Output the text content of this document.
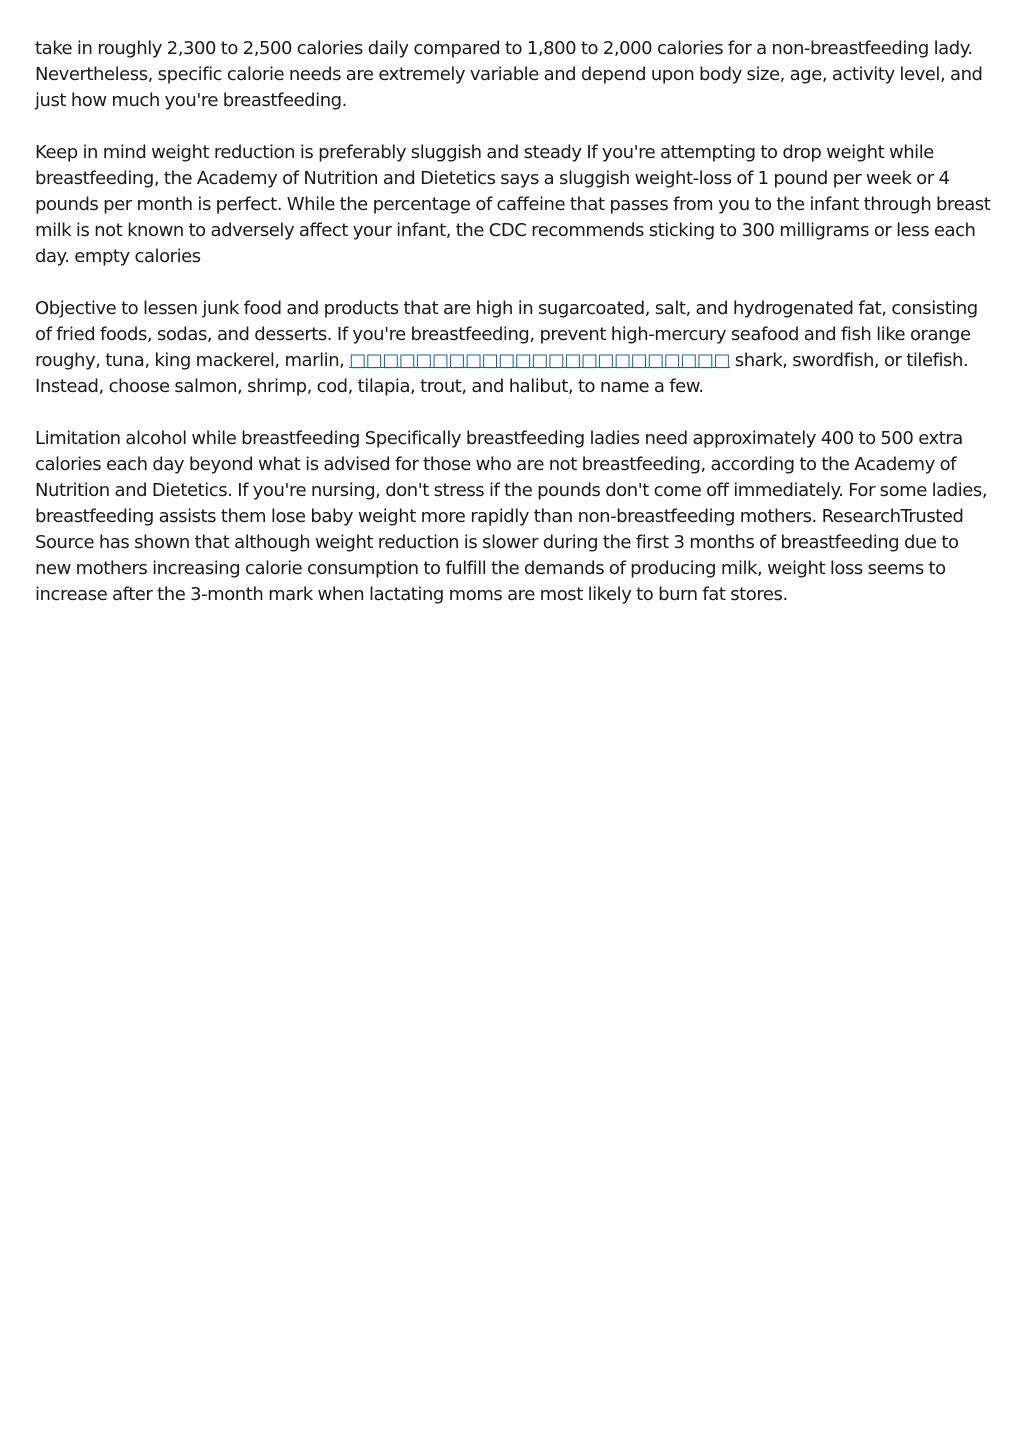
take in roughly 2,300 to 2,500 calories daily compared to 1,800 to 2,000 calories for a non-breastfeeding lady. Nevertheless, specific calorie needs are extremely variable and depend upon body size, age, activity level, and just how much you're breastfeeding.

Keep in mind weight reduction is preferably sluggish and steady If you're attempting to drop weight while breastfeeding, the Academy of Nutrition and Dietetics says a sluggish weight-loss of 1 pound per week or 4 pounds per month is perfect. While the percentage of caffeine that passes from you to the infant through breast milk is not known to adversely affect your infant, the CDC recommends sticking to 300 milligrams or less each day. empty calories

Objective to lessen junk food and products that are high in sugarcoated, salt, and hydrogenated fat, consisting of fried foods, sodas, and desserts. If you're breastfeeding, prevent high-mercury seafood and fish like orange roughy, tuna, king mackerel, marlin, □□□□□□□□□□□□□□□□□□□□□□□ shark, swordfish, or tilefish. Instead, choose salmon, shrimp, cod, tilapia, trout, and halibut, to name a few.

Limitation alcohol while breastfeeding Specifically breastfeeding ladies need approximately 400 to 500 extra calories each day beyond what is advised for those who are not breastfeeding, according to the Academy of Nutrition and Dietetics. If you're nursing, don't stress if the pounds don't come off immediately. For some ladies, breastfeeding assists them lose baby weight more rapidly than non-breastfeeding mothers. ResearchTrusted Source has shown that although weight reduction is slower during the first 3 months of breastfeeding due to new mothers increasing calorie consumption to fulfill the demands of producing milk, weight loss seems to increase after the 3-month mark when lactating moms are most likely to burn fat stores.
